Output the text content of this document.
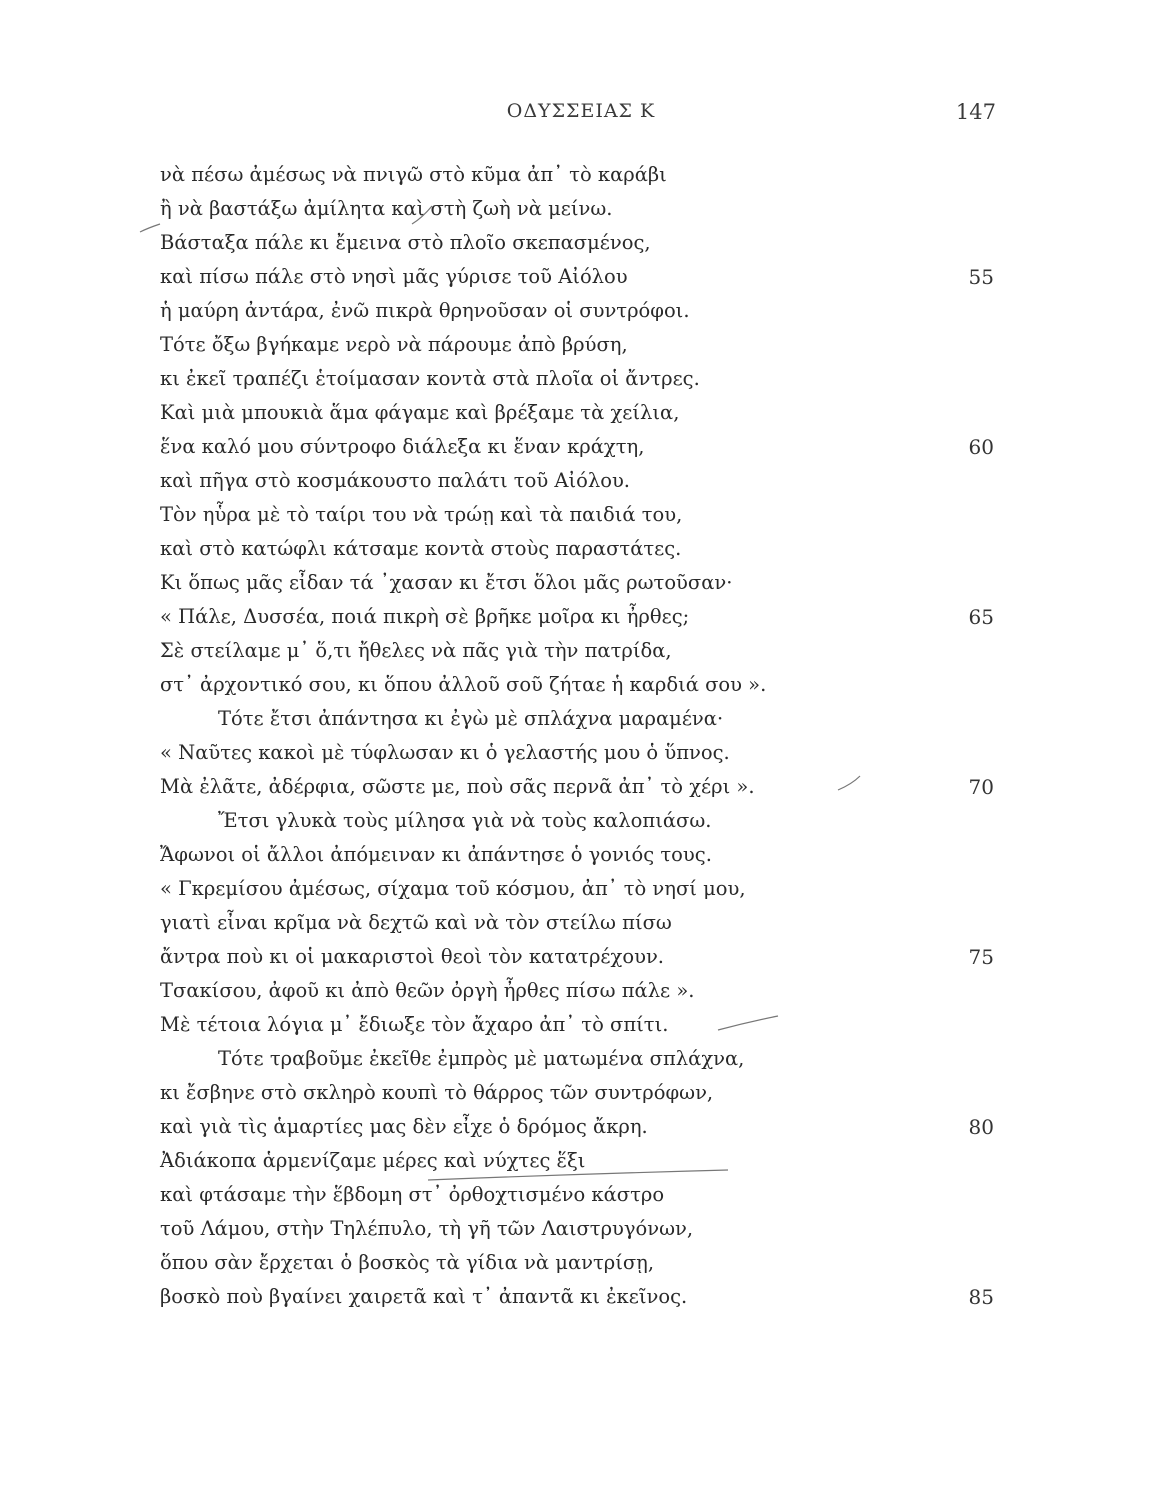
ΟΔΥΣΣΕΙΑΣ Κ	147
νὰ πέσω ἀμέσως νὰ πνιγῶ στὸ κῦμα ἀπ᾽ τὸ καράβι
ἢ νὰ βαστάξω ἀμίλητα καὶ στὴ ζωὴ νὰ μείνω.
Βάσταξα πάλε κι ἔμεινα στὸ πλοῖο σκεπασμένος,
καὶ πίσω πάλε στὸ νησὶ μᾶς γύρισε τοῦ Αἰόλου	55
ἡ μαύρη ἀντάρα, ἐνῶ πικρὰ θρηνοῦσαν οἱ συντρόφοι.
Τότε ὄξω βγήκαμε νερὸ νὰ πάρουμε ἀπὸ βρύση,
κι ἐκεῖ τραπέζι ἑτοίμασαν κοντὰ στὰ πλοῖα οἱ ἄντρες.
Καὶ μιὰ μπουκιὰ ἅμα φάγαμε καὶ βρέξαμε τὰ χείλια,
ἕνα καλό μου σύντροφο διάλεξα κι ἕναν κράχτη,	60
καὶ πῆγα στὸ κοσμάκουστο παλάτι τοῦ Αἰόλου.
Τὸν ηὗρα μὲ τὸ ταίρι του νὰ τρώῃ καὶ τὰ παιδιά του,
καὶ στὸ κατώφλι κάτσαμε κοντὰ στοὺς παραστάτες.
Κι ὅπως μᾶς εἶδαν τά ᾽χασαν κι ἔτσι ὅλοι μᾶς ρωτοῦσαν·
« Πάλε, Δυσσέα, ποιά πικρὴ σὲ βρῆκε μοῖρα κι ἦρθες;	65
Σὲ στείλαμε μ᾽ ὅ,τι ἤθελες νὰ πᾶς γιὰ τὴν πατρίδα,
στ᾽ ἀρχοντικό σου, κι ὅπου ἀλλοῦ σοῦ ζήταε ἡ καρδιά σου ».
Τότε ἔτσι ἀπάντησα κι ἐγὼ μὲ σπλάχνα μαραμένα·
« Ναῦτες κακοὶ μὲ τύφλωσαν κι ὁ γελαστής μου ὁ ὕπνος.
Μὰ ἐλᾶτε, ἀδέρφια, σῶστε με, ποὺ σᾶς περνᾶ ἀπ᾽ τὸ χέρι ».	70
Ἔτσι γλυκὰ τοὺς μίλησα γιὰ νὰ τοὺς καλοπιάσω.
Ἄφωνοι οἱ ἄλλοι ἀπόμειναν κι ἀπάντησε ὁ γονιός τους.
« Γκρεμίσου ἀμέσως, σίχαμα τοῦ κόσμου, ἀπ᾽ τὸ νησί μου,
γιατὶ εἶναι κρῖμα νὰ δεχτῶ καὶ νὰ τὸν στείλω πίσω
ἄντρα ποὺ κι οἱ μακαριστοὶ θεοὶ τὸν κατατρέχουν.	75
Τσακίσου, ἀφοῦ κι ἀπὸ θεῶν ὀργὴ ἦρθες πίσω πάλε ».
Μὲ τέτοια λόγια μ᾽ ἔδιωξε τὸν ἄχαρο ἀπ᾽ τὸ σπίτι.
Τότε τραβοῦμε ἐκεῖθε ἐμπρὸς μὲ ματωμένα σπλάχνα,
κι ἔσβηνε στὸ σκληρὸ κουπὶ τὸ θάρρος τῶν συντρόφων,
καὶ γιὰ τὶς ἁμαρτίες μας δὲν εἶχε ὁ δρόμος ἄκρη.	80
Ἀδιάκοπα ἁρμενίζαμε μέρες καὶ νύχτες ἕξι
καὶ φτάσαμε τὴν ἕβδομη στ᾽ ὀρθοχτισμένο κάστρο
τοῦ Λάμου, στὴν Τηλέπυλο, τὴ γῆ τῶν Λαιστρυγόνων,
ὅπου σὰν ἔρχεται ὁ βοσκὸς τὰ γίδια νὰ μαντρίσῃ,
βοσκὸ ποὺ βγαίνει χαιρετᾶ καὶ τ᾽ ἀπαντᾶ κι ἐκεῖνος.	85
